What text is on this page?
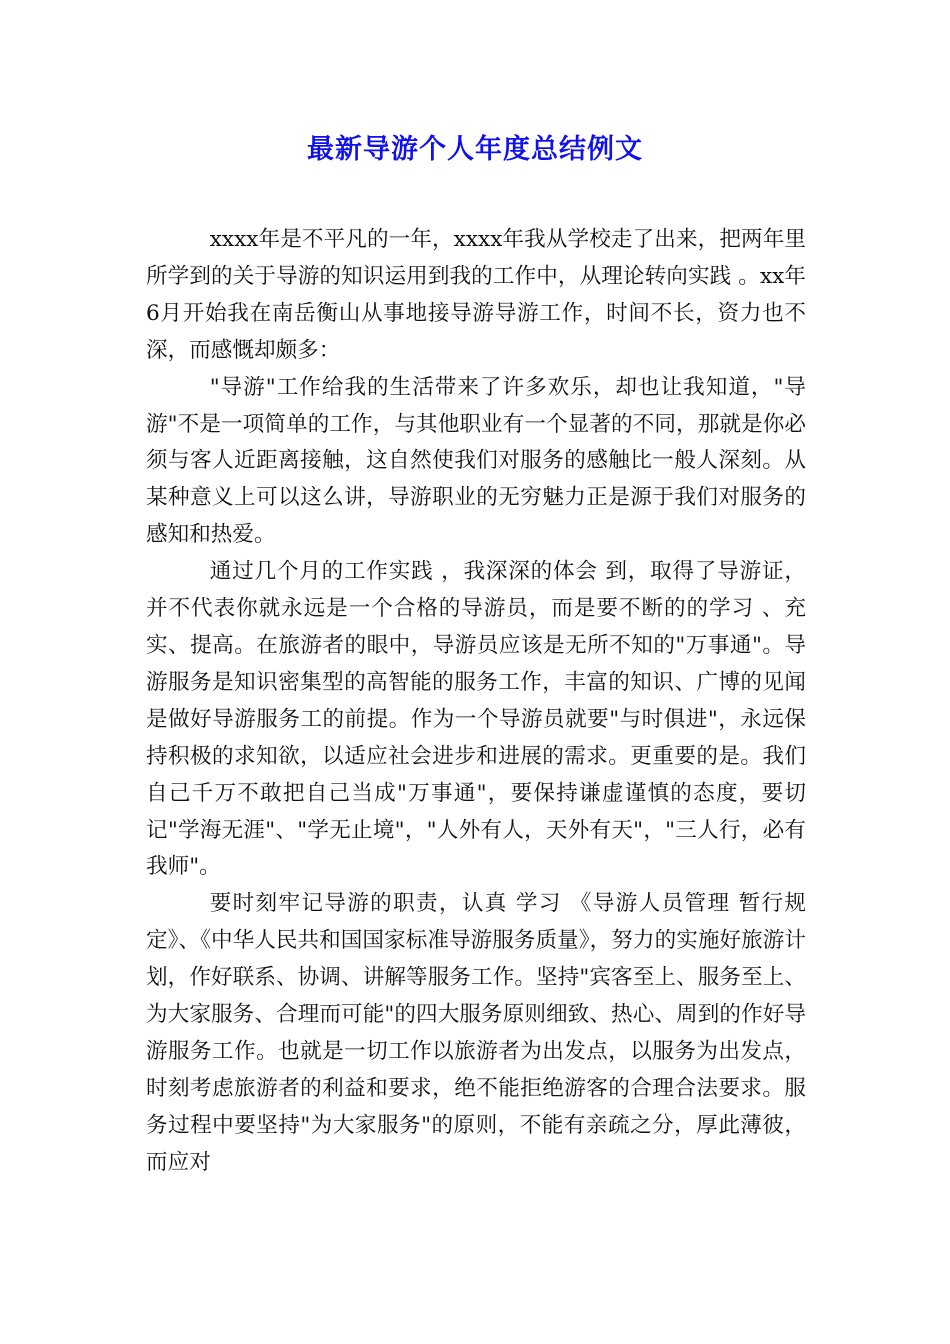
最新导游个人年度总结例文

xxxx年是不平凡的一年，xxxx年我从学校走了出来，把两年里所学到的关于导游的知识运用到我的工作中，从理论转向实践 。xx年6月开始我在南岳衡山从事地接导游导游工作，时间不长，资力也不深，而感慨却颇多：

"导游"工作给我的生活带来了许多欢乐，却也让我知道，"导游"不是一项简单的工作，与其他职业有一个显著的不同，那就是你必须与客人近距离接触，这自然使我们对服务的感触比一般人深刻。从某种意义上可以这么讲，导游职业的无穷魅力正是源于我们对服务的感知和热爱。

通过几个月的工作实践 ，我深深的体会 到，取得了导游证，并不代表你就永远是一个合格的导游员，而是要不断的的学习 、充实、提高。在旅游者的眼中，导游员应该是无所不知的"万事通"。导游服务是知识密集型的高智能的服务工作，丰富的知识、广博的见闻是做好导游服务工的前提。作为一个导游员就要"与时俱进"，永远保持积极的求知欲，以适应社会进步和进展的需求。更重要的是。我们自己千万不敢把自己当成"万事通"，要保持谦虚谨慎的态度，要切记"学海无涯"、"学无止境"，"人外有人，天外有天"，"三人行，必有我师"。

要时刻牢记导游的职责，认真 学习 《导游人员管理 暂行规定》、《中华人民共和国国家标准导游服务质量》，努力的实施好旅游计划，作好联系、协调、讲解等服务工作。坚持"宾客至上、服务至上、为大家服务、合理而可能"的四大服务原则细致、热心、周到的作好导游服务工作。也就是一切工作以旅游者为出发点，以服务为出发点，时刻考虑旅游者的利益和要求，绝不能拒绝游客的合理合法要求。服务过程中要坚持"为大家服务"的原则，不能有亲疏之分，厚此薄彼，而应对
